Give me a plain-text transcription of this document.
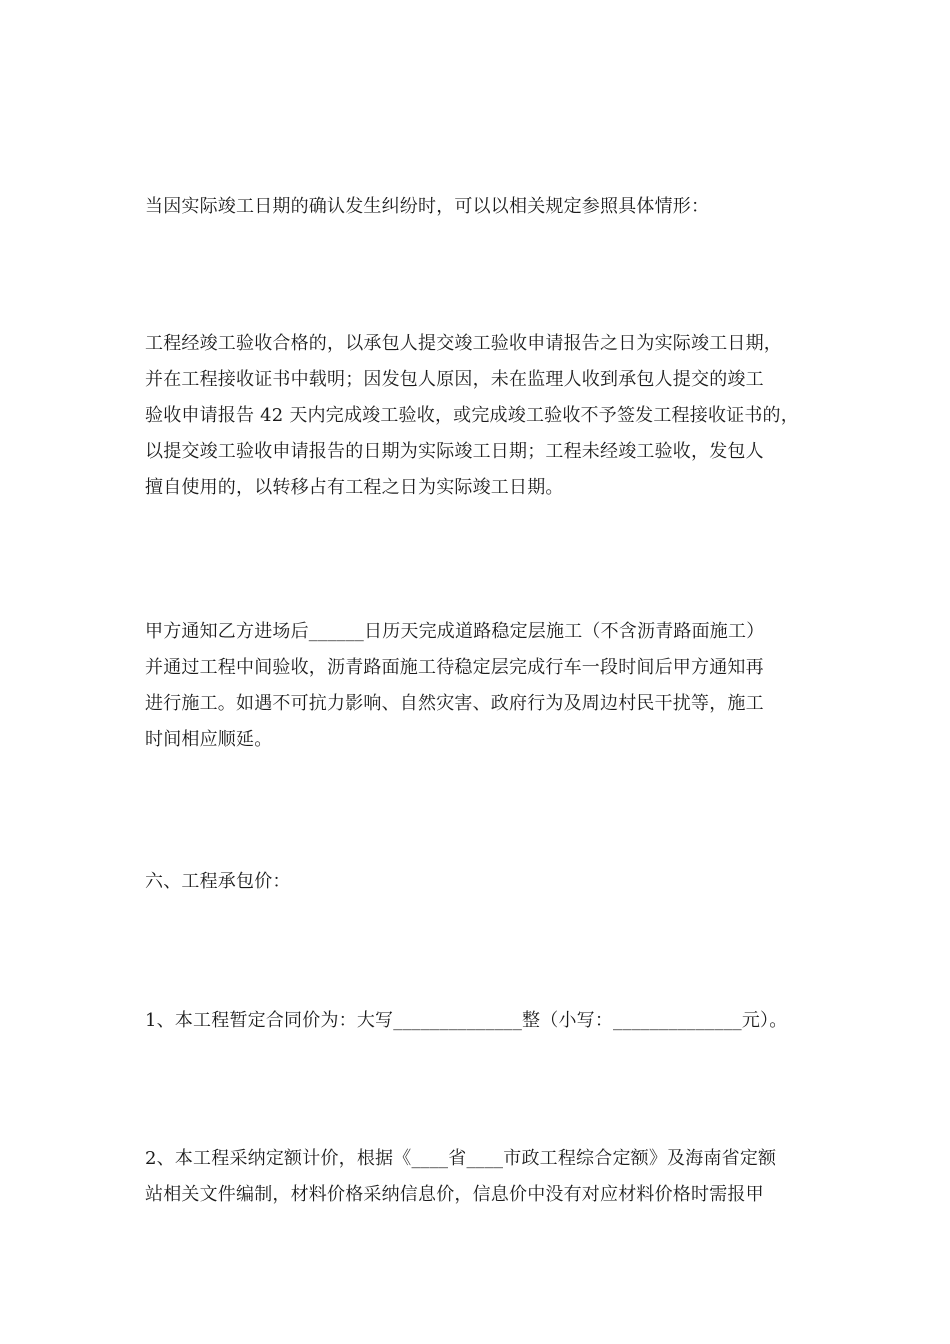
当因实际竣工日期的确认发生纠纷时，可以以相关规定参照具体情形：
工程经竣工验收合格的，以承包人提交竣工验收申请报告之日为实际竣工日期，
并在工程接收证书中载明；因发包人原因，未在监理人收到承包人提交的竣工
验收申请报告 42 天内完成竣工验收，或完成竣工验收不予签发工程接收证书的，
以提交竣工验收申请报告的日期为实际竣工日期；工程未经竣工验收，发包人
擅自使用的，以转移占有工程之日为实际竣工日期。
甲方通知乙方进场后______日历天完成道路稳定层施工（不含沥青路面施工）
并通过工程中间验收，沥青路面施工待稳定层完成行车一段时间后甲方通知再
进行施工。如遇不可抗力影响、自然灾害、政府行为及周边村民干扰等，施工
时间相应顺延。
六、工程承包价：
1、本工程暂定合同价为：大写______________整（小写：______________元）。
2、本工程采纳定额计价，根据《____省____市政工程综合定额》及海南省定额
站相关文件编制，材料价格采纳信息价，信息价中没有对应材料价格时需报甲
